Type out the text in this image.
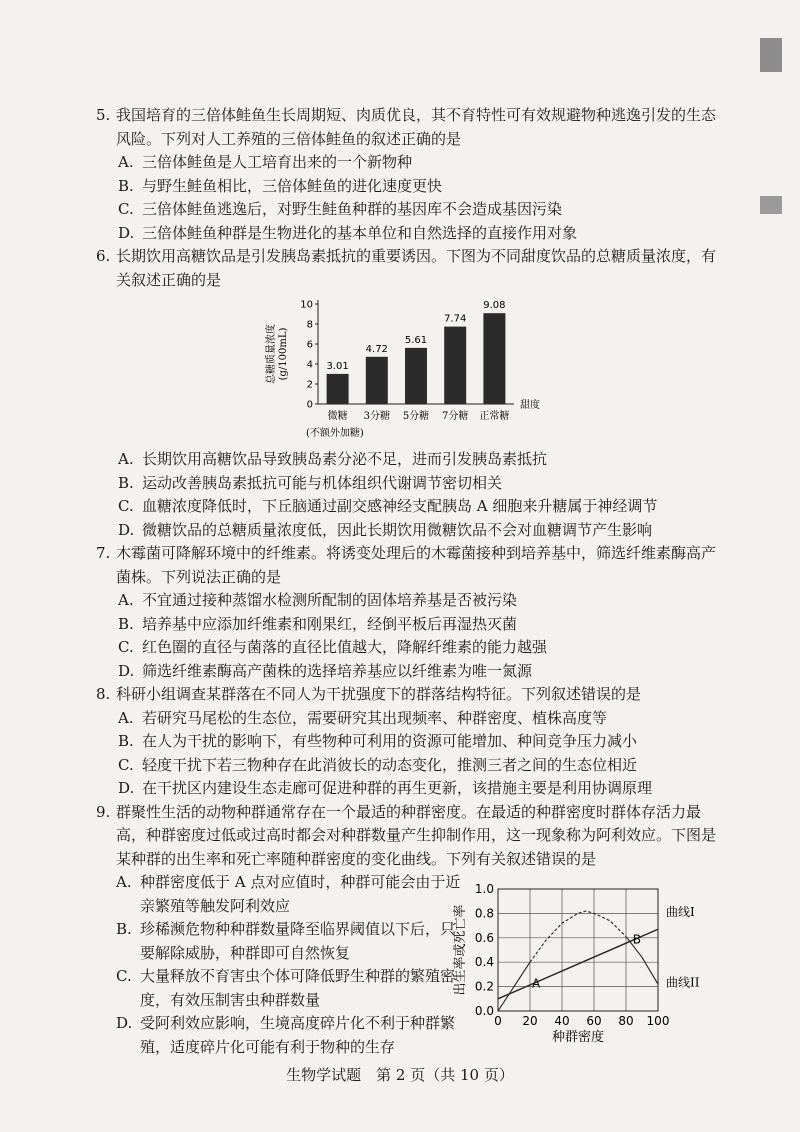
5. 我国培育的三倍体鲑鱼生长周期短、肉质优良，其不育特性可有效规避物种逃逸引发的生态风险。下列对人工养殖的三倍体鲑鱼的叙述正确的是
A. 三倍体鲑鱼是人工培育出来的一个新物种
B. 与野生鲑鱼相比，三倍体鲑鱼的进化速度更快
C. 三倍体鲑鱼逃逸后，对野生鲑鱼种群的基因库不会造成基因污染
D. 三倍体鲑鱼种群是生物进化的基本单位和自然选择的直接作用对象
6. 长期饮用高糖饮品是引发胰岛素抵抗的重要诱因。下图为不同甜度饮品的总糖质量浓度，有关叙述正确的是
0
2
4
6
8
10
3.01
微糖
4.72
3分糖
5.61
5分糖
7.74
7分糖
9.08
正常糖
甜度
(不额外加糖)
总糖质量浓度 (g/100mL)
A. 长期饮用高糖饮品导致胰岛素分泌不足，进而引发胰岛素抵抗
B. 运动改善胰岛素抵抗可能与机体组织代谢调节密切相关
C. 血糖浓度降低时，下丘脑通过副交感神经支配胰岛 A 细胞来升糖属于神经调节
D. 微糖饮品的总糖质量浓度低，因此长期饮用微糖饮品不会对血糖调节产生影响
7. 木霉菌可降解环境中的纤维素。将诱变处理后的木霉菌接种到培养基中，筛选纤维素酶高产菌株。下列说法正确的是
A. 不宜通过接种蒸馏水检测所配制的固体培养基是否被污染
B. 培养基中应添加纤维素和刚果红，经倒平板后再湿热灭菌
C. 红色圈的直径与菌落的直径比值越大，降解纤维素的能力越强
D. 筛选纤维素酶高产菌株的选择培养基应以纤维素为唯一氮源
8. 科研小组调查某群落在不同人为干扰强度下的群落结构特征。下列叙述错误的是
A. 若研究马尾松的生态位，需要研究其出现频率、种群密度、植株高度等
B. 在人为干扰的影响下，有些物种可利用的资源可能增加、种间竞争压力减小
C. 轻度干扰下若三物种存在此消彼长的动态变化，推测三者之间的生态位相近
D. 在干扰区内建设生态走廊可促进种群的再生更新，该措施主要是利用协调原理
9. 群聚性生活的动物种群通常存在一个最适的种群密度。在最适的种群密度时群体存活力最高，种群密度过低或过高时都会对种群数量产生抑制作用，这一现象称为阿利效应。下图是某种群的出生率和死亡率随种群密度的变化曲线。下列有关叙述错误的是
A. 种群密度低于 A 点对应值时，种群可能会由于近亲繁殖等触发阿利效应
B. 珍稀濒危物种种群数量降至临界阈值以下后，只要解除威胁，种群即可自然恢复
C. 大量释放不育害虫个体可降低野生种群的繁殖密度，有效压制害虫种群数量
D. 受阿利效应影响，生境高度碎片化不利于种群繁殖，适度碎片化可能有利于物种的生存
0 20 40 60 80 100
0.0
0.2
0.4
0.6
0.8
1.0
曲线I
曲线II
A
B
种群密度
出生率或死亡率
生物学试题　第 2 页（共 10 页）
